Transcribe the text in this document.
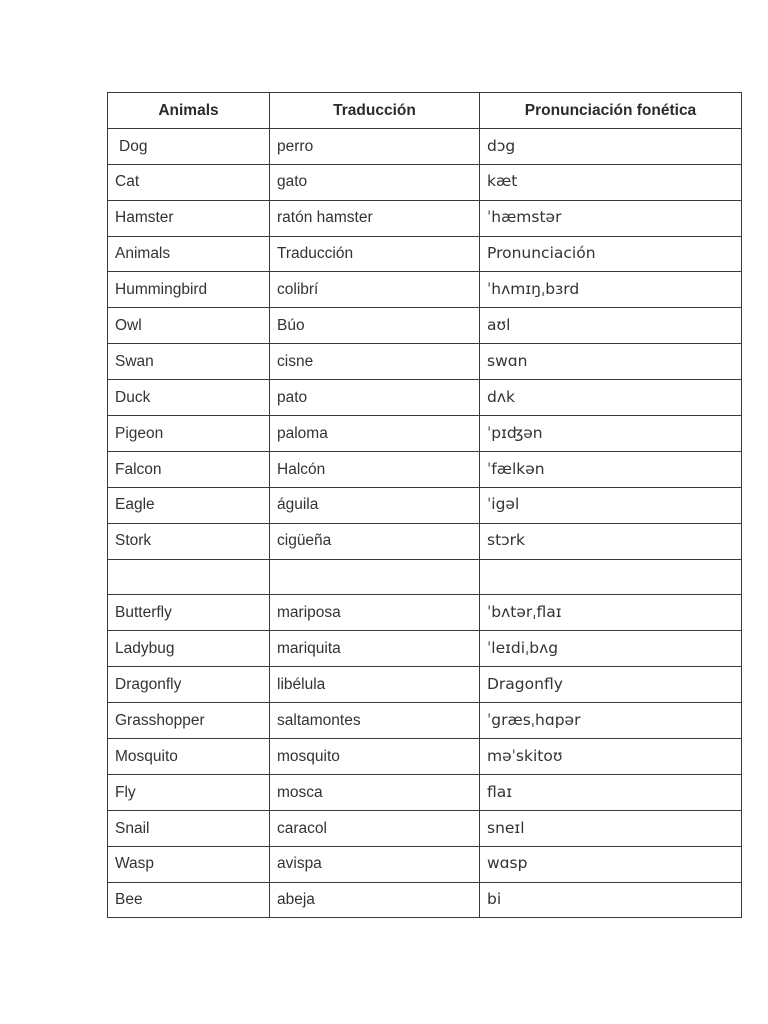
Animals	Traducción	Pronunciación fonética
Dog	perro	dɔg
Cat	gato	kæt
Hamster	ratón hamster	ˈhæmstər
Animals	Traducción	Pronunciación
Hummingbird	colibrí	ˈhʌmɪŋˌbɜrd
Owl	Búo	aʊl
Swan	cisne	swɑn
Duck	pato	dʌk
Pigeon	paloma	ˈpɪʤən
Falcon	Halcón	ˈfælkən
Eagle	águila	ˈigəl
Stork	cigüeña	stɔrk

Butterfly	mariposa	ˈbʌtərˌflaɪ
Ladybug	mariquita	ˈleɪdiˌbʌg
Dragonfly	libélula	Dragonfly
Grasshopper	saltamontes	ˈgræsˌhɑpər
Mosquito	mosquito	məˈskitoʊ
Fly	mosca	flaɪ
Snail	caracol	sneɪl
Wasp	avispa	wɑsp
Bee	abeja	bi
